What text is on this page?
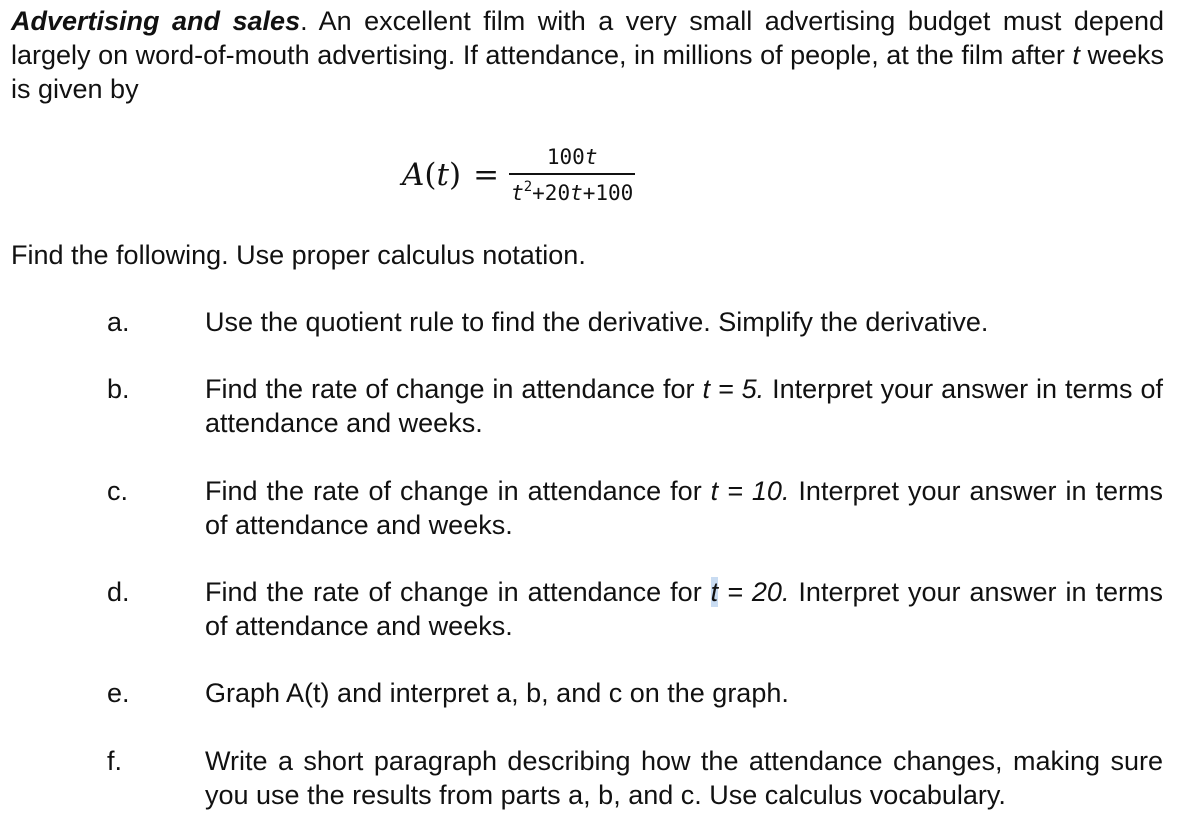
Advertising and sales. An excellent film with a very small advertising budget must depend largely on word-of-mouth advertising. If attendance, in millions of people, at the film after t weeks is given by

$A(t) = \frac{100t}{t^2+20t+100}$

Find the following. Use proper calculus notation.

a.	Use the quotient rule to find the derivative. Simplify the derivative.

b.	Find the rate of change in attendance for t = 5. Interpret your answer in terms of attendance and weeks.

c.	Find the rate of change in attendance for t = 10. Interpret your answer in terms of attendance and weeks.

d.	Find the rate of change in attendance for t = 20. Interpret your answer in terms of attendance and weeks.

e.	Graph A(t) and interpret a, b, and c on the graph.

f.	Write a short paragraph describing how the attendance changes, making sure you use the results from parts a, b, and c. Use calculus vocabulary.
